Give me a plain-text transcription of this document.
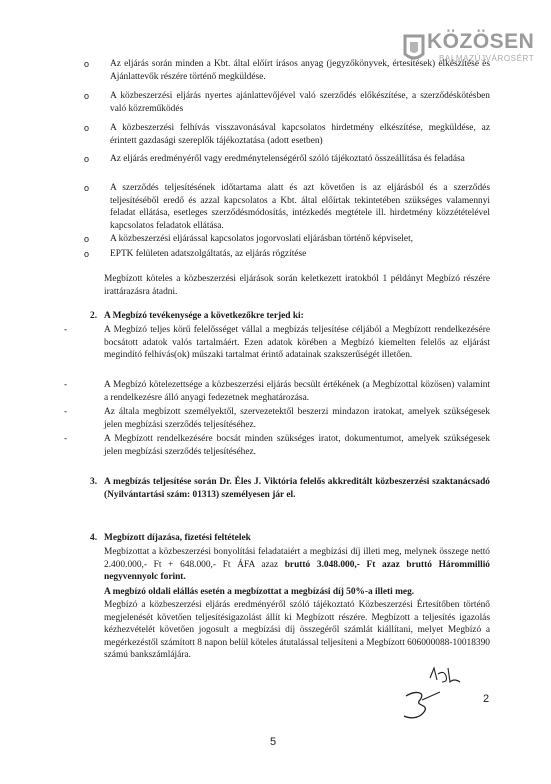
KÖZÖSEN
BALMAZÚJVÁROSÉRT
o Az eljárás során minden a Kbt. által előírt írásos anyag (jegyzőkönyvek, értesítések) elkészítése és Ajánlattevők részére történő megküldése.

o A közbeszerzési eljárás nyertes ajánlattevőjével való szerződés előkészítése, a szerződéskötésben való közreműködés

o A közbeszerzési felhívás visszavonásával kapcsolatos hirdetmény elkészítése, megküldése, az érintett gazdasági szereplők tájékoztatása (adott esetben)

o Az eljárás eredményéről vagy eredménytelenségéről szóló tájékoztató összeállítása és feladása

o A szerződés teljesítésének időtartama alatt és azt követően is az eljárásból és a szerződés teljesítéséből eredő és azzal kapcsolatos a Kbt. által előírtak tekintetében szükséges valamennyi feladat ellátása, esetleges szerződésmódosítás, intézkedés megtétele ill. hirdetmény közzétételével kapcsolatos feladatok ellátása.

o A közbeszerzési eljárással kapcsolatos jogorvoslati eljárásban történő képviselet,

o EPTK felületen adatszolgáltatás, az eljárás rögzítése

Megbízott köteles a közbeszerzési eljárások során keletkezett iratokból 1 példányt Megbízó részére irattárazásra átadni.

2. A Megbízó tevékenysége a következőkre terjed ki:

-	A Megbízó teljes körű felelősséget vállal a megbízás teljesítése céljából a Megbízott rendelkezésére bocsátott adatok valós tartalmáért. Ezen adatok körében a Megbízó kiemelten felelős az eljárást megindító felhívás(ok) műszaki tartalmat érintő adatainak szakszerűségét illetően.

-	A Megbízó kötelezettsége a közbeszerzési eljárás becsült értékének (a Megbízottal közösen) valamint a rendelkezésre álló anyagi fedezetnek meghatározása.

-	Az általa megbízott személyektől, szervezetektől beszerzi mindazon iratokat, amelyek szükségesek jelen megbízási szerződés teljesítéséhez.

-	A Megbízott rendelkezésére bocsát minden szükséges iratot, dokumentumot, amelyek szükségesek jelen megbízási szerződés teljesítéséhez.

3. A megbízás teljesítése során Dr. Éles J. Viktória felelős akkreditált közbeszerzési szaktanácsadó (Nyilvántartási szám: 01313) személyesen jár el.

4. Megbízott díjazása, fizetési feltételek

Megbízottat a közbeszerzési bonyolítási feladataiért a megbízási díj illeti meg, melynek összege nettó 2.400.000,- Ft + 648.000,- Ft ÁFA azaz bruttó 3.048.000,- Ft azaz bruttó Hárommillió negyvennyolc forint.

A megbízó oldali elállás esetén a megbízottat a megbízási díj 50%-a illeti meg.

Megbízó a közbeszerzési eljárás eredményéről szóló tájékoztató Közbeszerzési Értesítőben történő megjelenését követően teljesítésigazolást állít ki Megbízott részére. Megbízott a teljesítés igazolás kézhezvételét követően jogosult a megbízási díj összegéről számlát kiállítani, melyet Megbízó a megérkezéstől számított 8 napon belül köteles átutalással teljesíteni a Megbízott 606000088-10018390 számú bankszámlájára.

2
5
